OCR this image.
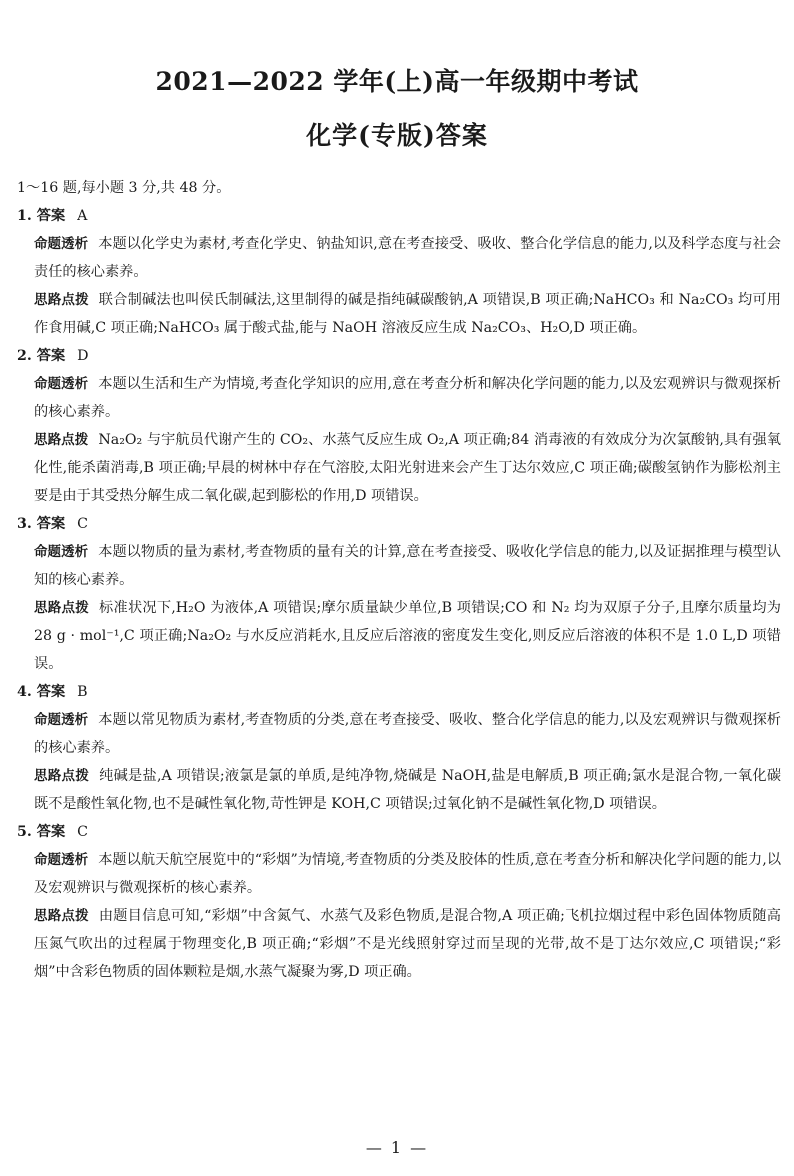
2021—2022 学年(上)高一年级期中考试
化学(专版)答案
1～16 题,每小题 3 分,共 48 分。
1. 答案 A

命题透析 本题以化学史为素材,考查化学史、钠盐知识,意在考查接受、吸收、整合化学信息的能力,以及科学态度与社会责任的核心素养。

思路点拨 联合制碱法也叫侯氏制碱法,这里制得的碱是指纯碱碳酸钠,A 项错误,B 项正确;NaHCO₃ 和 Na₂CO₃ 均可用作食用碱,C 项正确;NaHCO₃ 属于酸式盐,能与 NaOH 溶液反应生成 Na₂CO₃、H₂O,D 项正确。

2. 答案 D

命题透析 本题以生活和生产为情境,考查化学知识的应用,意在考查分析和解决化学问题的能力,以及宏观辨识与微观探析的核心素养。

思路点拨 Na₂O₂ 与宇航员代谢产生的 CO₂、水蒸气反应生成 O₂,A 项正确;84 消毒液的有效成分为次氯酸钠,具有强氧化性,能杀菌消毒,B 项正确;早晨的树林中存在气溶胶,太阳光射进来会产生丁达尔效应,C 项正确;碳酸氢钠作为膨松剂主要是由于其受热分解生成二氧化碳,起到膨松的作用,D 项错误。

3. 答案 C

命题透析 本题以物质的量为素材,考查物质的量有关的计算,意在考查接受、吸收化学信息的能力,以及证据推理与模型认知的核心素养。

思路点拨 标准状况下,H₂O 为液体,A 项错误;摩尔质量缺少单位,B 项错误;CO 和 N₂ 均为双原子分子,且摩尔质量均为 28 g · mol⁻¹,C 项正确;Na₂O₂ 与水反应消耗水,且反应后溶液的密度发生变化,则反应后溶液的体积不是 1.0 L,D 项错误。

4. 答案 B

命题透析 本题以常见物质为素材,考查物质的分类,意在考查接受、吸收、整合化学信息的能力,以及宏观辨识与微观探析的核心素养。

思路点拨 纯碱是盐,A 项错误;液氯是氯的单质,是纯净物,烧碱是 NaOH,盐是电解质,B 项正确;氯水是混合物,一氧化碳既不是酸性氧化物,也不是碱性氧化物,苛性钾是 KOH,C 项错误;过氧化钠不是碱性氧化物,D 项错误。

5. 答案 C

命题透析 本题以航天航空展览中的“彩烟”为情境,考查物质的分类及胶体的性质,意在考查分析和解决化学问题的能力,以及宏观辨识与微观探析的核心素养。

思路点拨 由题目信息可知,“彩烟”中含氮气、水蒸气及彩色物质,是混合物,A 项正确;飞机拉烟过程中彩色固体物质随高压氮气吹出的过程属于物理变化,B 项正确;“彩烟”不是光线照射穿过而呈现的光带,故不是丁达尔效应,C 项错误;“彩烟”中含彩色物质的固体颗粒是烟,水蒸气凝聚为雾,D 项正确。

— 1 —
